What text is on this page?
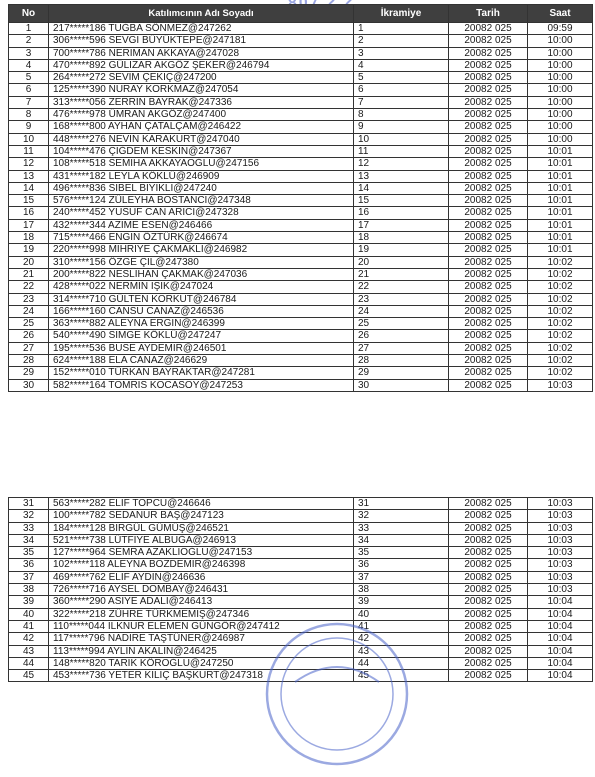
No	Katılımcının Adı Soyadı	İkramiye	Tarih	Saat
1	217*****186 TUĞBA SÖNMEZ@247262	1	20082 025	09:59
2	306*****596 SEVGİ BÜYÜKTEPE@247181	2	20082 025	10:00
3	700*****786 NERİMAN AKKAYA@247028	3	20082 025	10:00
4	470*****892 GÜLİZAR AKGÖZ ŞEKER@246794	4	20082 025	10:00
5	264*****272 SEVİM ÇEKİÇ@247200	5	20082 025	10:00
6	125*****390 NURAY KORKMAZ@247054	6	20082 025	10:00
7	313*****056 ZERRİN BAYRAK@247336	7	20082 025	10:00
8	476*****978 ÜMRAN AKGÖZ@247400	8	20082 025	10:00
9	168*****800 AYHAN ÇATALÇAM@246422	9	20082 025	10:00
10	448*****276 NEVİN KARAKURT@247040	10	20082 025	10:00
11	104*****476 ÇİĞDEM KESKİN@247367	11	20082 025	10:01
12	108*****518 SEMİHA AKKAYAOĞLU@247156	12	20082 025	10:01
13	431*****182 LEYLA KÖKLÜ@246909	13	20082 025	10:01
14	496*****836 SİBEL BIYIKLI@247240	14	20082 025	10:01
15	576*****124 ZÜLEYHA BOSTANCI@247348	15	20082 025	10:01
16	240*****452 YUSUF CAN ARICI@247328	16	20082 025	10:01
17	432*****344 AZİME ESEN@246466	17	20082 025	10:01
18	715*****466 ENGİN ÖZTÜRK@246674	18	20082 025	10:01
19	220*****998 MİHRİYE ÇAKMAKLI@246982	19	20082 025	10:01
20	310*****156 ÖZGE ÇİL@247380	20	20082 025	10:02
21	200*****822 NESLİHAN ÇAKMAK@247036	21	20082 025	10:02
22	428*****022 NERMİN IŞIK@247024	22	20082 025	10:02
23	314*****710 GÜLTEN KORKUT@246784	23	20082 025	10:02
24	166*****160 CANSU CANAZ@246536	24	20082 025	10:02
25	363*****882 ALEYNA ERGİN@246399	25	20082 025	10:02
26	540*****490 SİMGE KÖKLÜ@247247	26	20082 025	10:02
27	195*****536 BUSE AYDEMİR@246501	27	20082 025	10:02
28	624*****188 ELA CANAZ@246629	28	20082 025	10:02
29	152*****010 TÜRKAN BAYRAKTAR@247281	29	20082 025	10:02
30	582*****164 TOMRİS KOCASOY@247253	30	20082 025	10:03
31	563*****282 ELİF TOPCU@246646	31	20082 025	10:03
32	100*****782 SEDANUR BAŞ@247123	32	20082 025	10:03
33	184*****128 BİRGÜL GÜMÜŞ@246521	33	20082 025	10:03
34	521*****738 LÜTFİYE ALBUĞA@246913	34	20082 025	10:03
35	127*****964 SEMRA AZAKLIOĞLU@247153	35	20082 025	10:03
36	102*****118 ALEYNA BOZDEMİR@246398	36	20082 025	10:03
37	469*****762 ELİF AYDIN@246636	37	20082 025	10:03
38	726*****716 AYSEL DOMBAY@246431	38	20082 025	10:03
39	360*****290 ASİYE ADALI@246413	39	20082 025	10:04
40	322*****218 ZÜHRE TÜRKMEMİŞ@247346	40	20082 025	10:04
41	110*****044 İLKNUR ELEMEN GÜNGÖR@247412	41	20082 025	10:04
42	117*****796 NADİRE TAŞTÜNER@246987	42	20082 025	10:04
43	113*****994 AYLİN AKALIN@246425	43	20082 025	10:04
44	148*****820 TARIK KÖROĞLU@247250	44	20082 025	10:04
45	453*****736 YETER KILIÇ BAŞKURT@247318	45	20082 025	10:04
